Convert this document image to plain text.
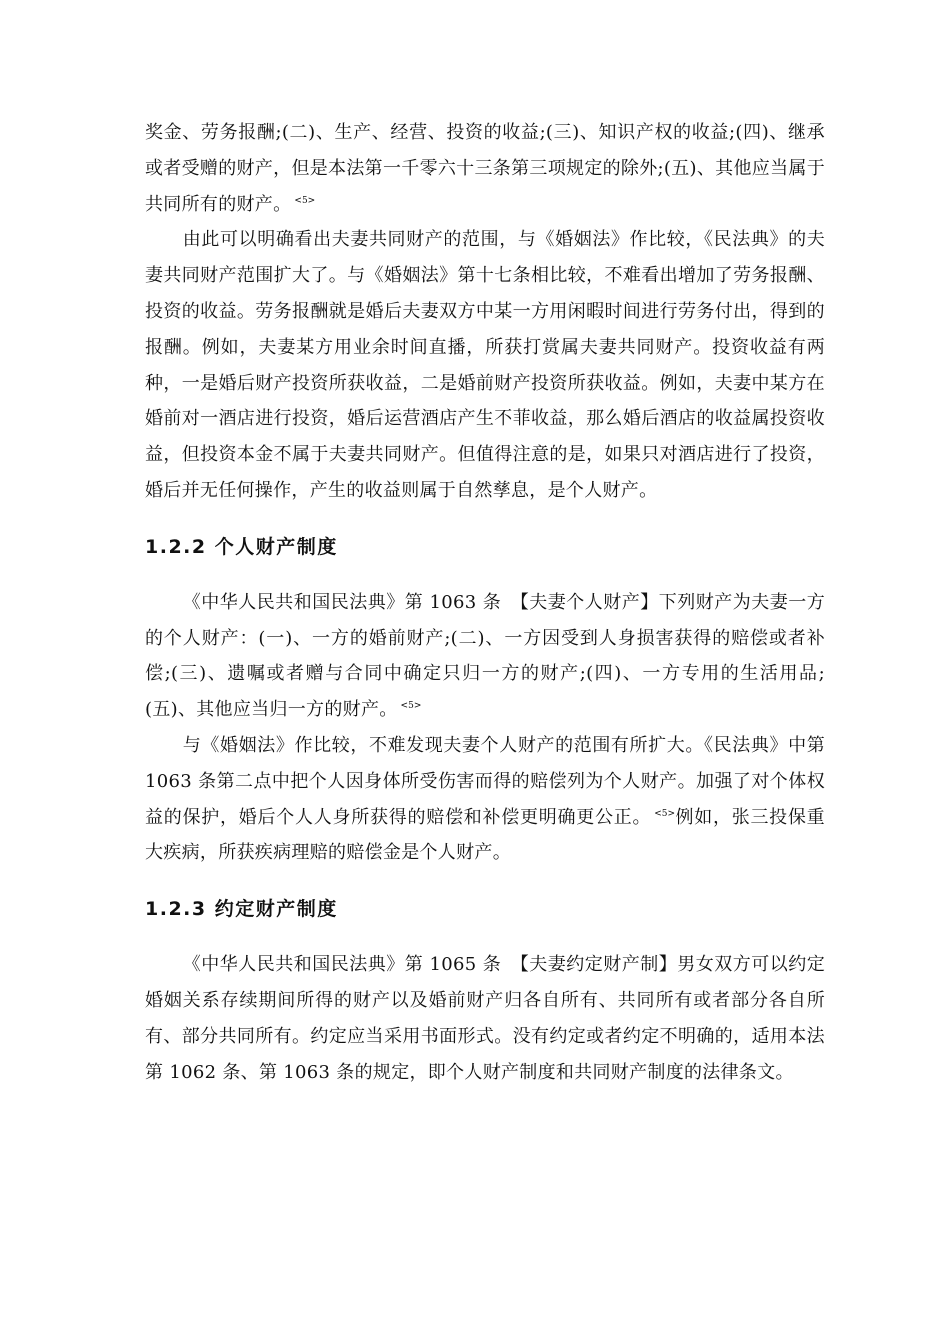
奖金、劳务报酬;(二)、生产、经营、投资的收益;(三)、知识产权的收益;(四)、继承或者受赠的财产，但是本法第一千零六十三条第三项规定的除外;(五)、其他应当属于共同所有的财产。 $^{<5>}$

由此可以明确看出夫妻共同财产的范围，与《婚姻法》作比较，《民法典》的夫妻共同财产范围扩大了。与《婚姻法》第十七条相比较，不难看出增加了劳务报酬、投资的收益。劳务报酬就是婚后夫妻双方中某一方用闲暇时间进行劳务付出，得到的报酬。例如，夫妻某方用业余时间直播，所获打赏属夫妻共同财产。投资收益有两种，一是婚后财产投资所获收益，二是婚前财产投资所获收益。例如，夫妻中某方在婚前对一酒店进行投资，婚后运营酒店产生不菲收益，那么婚后酒店的收益属投资收益，但投资本金不属于夫妻共同财产。但值得注意的是，如果只对酒店进行了投资，婚后并无任何操作，产生的收益则属于自然孳息，是个人财产。

1.2.2 个人财产制度

《中华人民共和国民法典》第 1063 条　【夫妻个人财产】下列财产为夫妻一方的个人财产：(一)、一方的婚前财产;(二)、一方因受到人身损害获得的赔偿或者补偿;(三)、遗嘱或者赠与合同中确定只归一方的财产;(四)、一方专用的生活用品;(五)、其他应当归一方的财产。 $^{<5>}$

与《婚姻法》作比较，不难发现夫妻个人财产的范围有所扩大。《民法典》中第 1063 条第二点中把个人因身体所受伤害而得的赔偿列为个人财产。加强了对个体权益的保护，婚后个人人身所获得的赔偿和补偿更明确更公正。 $^{<5>}$例如，张三投保重大疾病，所获疾病理赔的赔偿金是个人财产。

1.2.3 约定财产制度

《中华人民共和国民法典》第 1065 条　【夫妻约定财产制】男女双方可以约定婚姻关系存续期间所得的财产以及婚前财产归各自所有、共同所有或者部分各自所有、部分共同所有。约定应当采用书面形式。没有约定或者约定不明确的，适用本法第 1062 条、第 1063 条的规定，即个人财产制度和共同财产制度的法律条文。
